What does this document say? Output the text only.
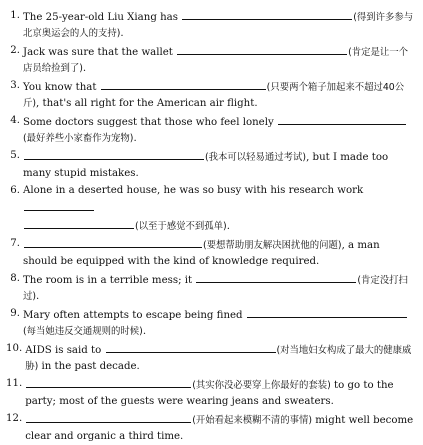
1. The 25-year-old Liu Xiang has	(得到许多参与北京奥运会的人的支持).
2. Jack was sure that the wallet	(肯定是让一个店员给捡到了).
3. You know that	(只要两个箱子加起来不超过40公斤), that's all right for the American air flight.
4. Some doctors suggest that those who feel lonely
(最好养些小家畜作为宠物).
5.	(我本可以轻易通过考试), but I made too many stupid mistakes.
6. Alone in a deserted house, he was so busy with his research work
(以至于感觉不到孤单).
7.	(要想帮助朋友解决困扰他的问题), a man should be equipped with the kind of knowledge required.
8. The room is in a terrible mess; it	(肯定没打扫过).
9. Mary often attempts to escape being fined
(每当她违反交通规则的时候).
10. AIDS is said to	(对当地妇女构成了最大的健康威胁) in the past decade.
11.	(其实你没必要穿上你最好的套装) to go to the party; most of the guests were wearing jeans and sweaters.
12.	(开始看起来模糊不清的事情) might well become clear and organic a third time.
